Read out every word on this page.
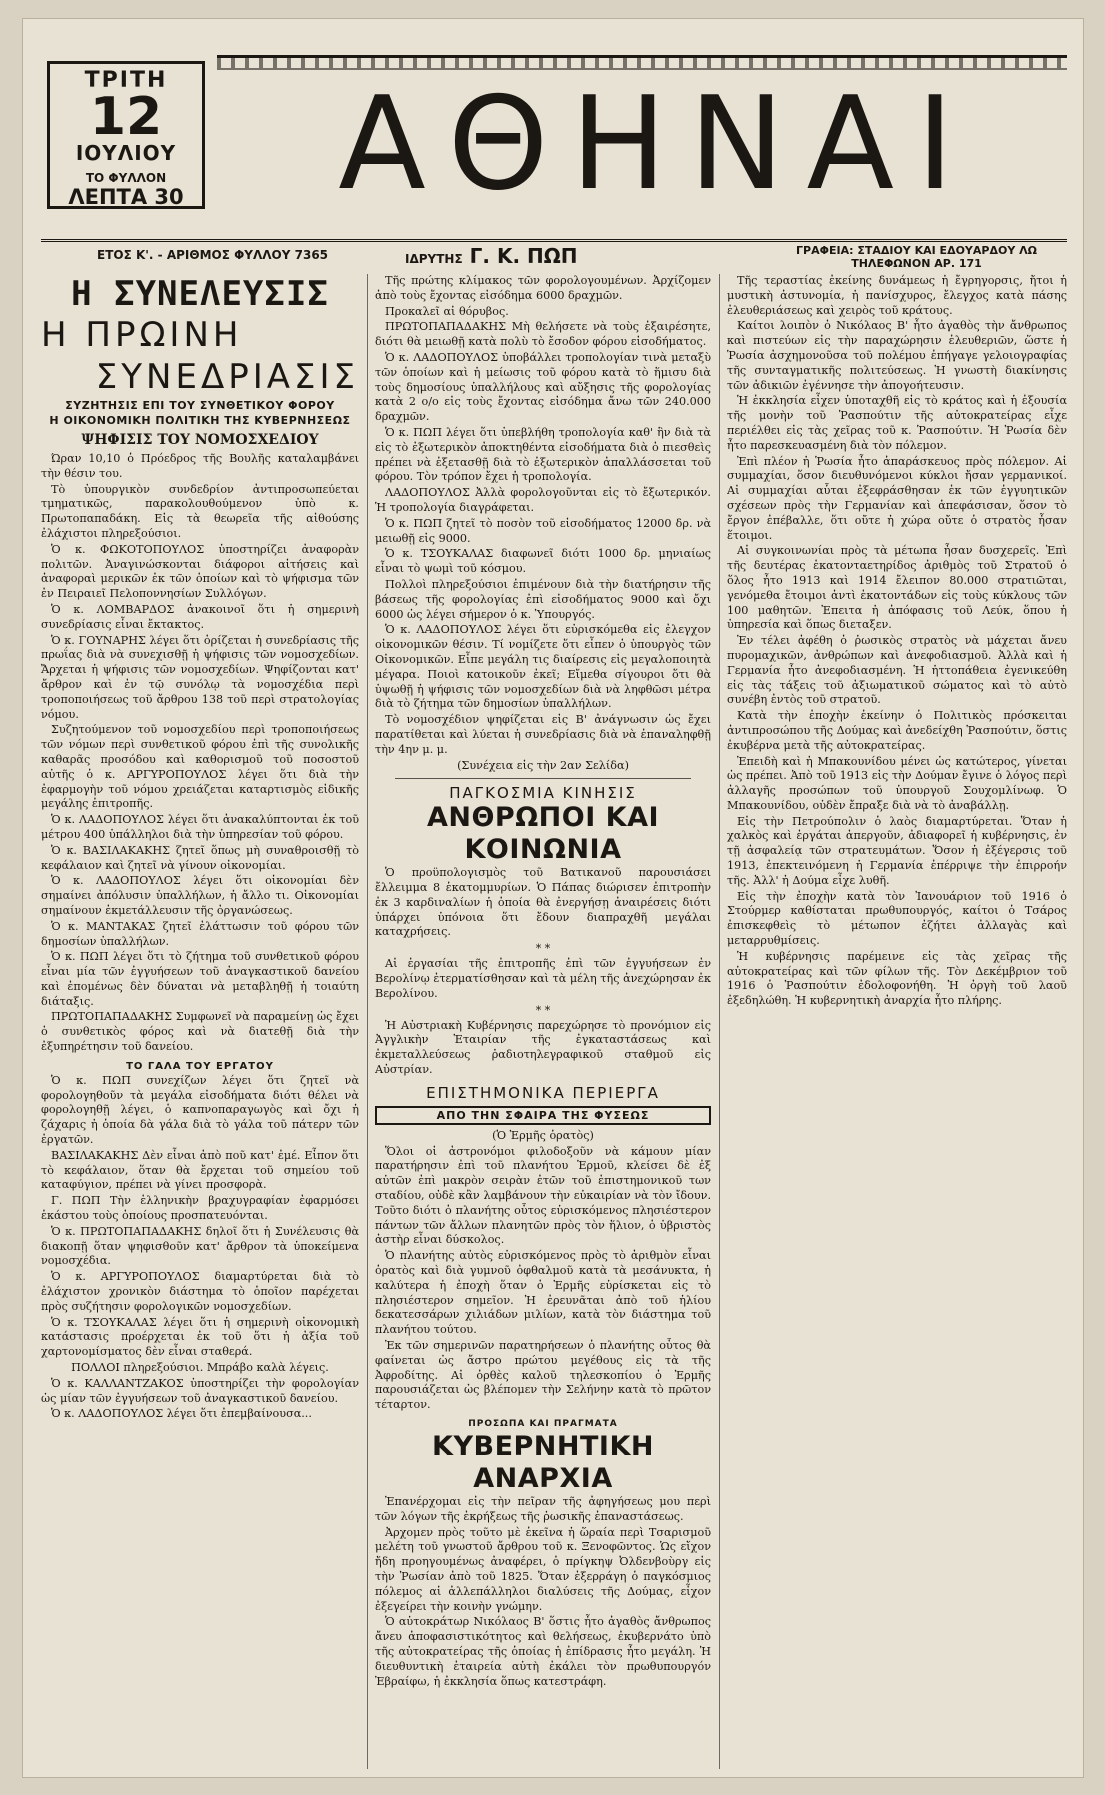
ΤΡΙΤΗ
12
ΙΟΥΛΙΟΥ
ΤΟ ΦΥΛΛΟΝ
ΛΕΠΤΑ 30	ΑΘΗΝΑΙ
ΕΤΟΣ Κ'. - ΑΡΙΘΜΟΣ ΦΥΛΛΟΥ 7365	ΙΔΡΥΤΗΣ Γ. Κ. ΠΩΠ	ΓΡΑΦΕΙΑ: ΣΤΑΔΙΟΥ ΚΑΙ ΕΔΟΥΑΡΔΟΥ ΛΩ
ΤΗΛΕΦΩΝΟΝ ΑΡ. 171
Η ΣΥΝΕΛΕΥΣΙΣ
Η ΠΡΩΙΝΗ
ΣΥΝΕΔΡΙΑΣΙΣ
ΣΥΖΗΤΗΣΙΣ ΕΠΙ ΤΟΥ ΣΥΝΘΕΤΙΚΟΥ ΦΟΡΟΥ
Η ΟΙΚΟΝΟΜΙΚΗ ΠΟΛΙΤΙΚΗ ΤΗΣ ΚΥΒΕΡΝΗΣΕΩΣ
ΨΗΦΙΣΙΣ ΤΟΥ ΝΟΜΟΣΧΕΔΙΟΥ

Ώραν 10,10 ὁ Πρόεδρος τῆς Βουλῆς καταλαμβάνει τὴν θέσιν του.

Τὸ ὑπουργικὸν συνδεδρίον ἀντιπροσωπεύεται τμηματικῶς, παρακολουθούμενον ὑπὸ κ. Πρωτοπαπαδάκη. Εἰς τὰ θεωρεῖα τῆς αἰθούσης ἐλάχιστοι πληρεξούσιοι.

Ὁ κ. ΦΩΚΟΤΟΠΟΥΛΟΣ ὑποστηρίζει ἀναφορὰν πολιτῶν. Ἀναγινώσκονται διάφοροι αἰτήσεις καὶ ἀναφοραὶ μερικῶν ἐκ τῶν ὁποίων καὶ τὸ ψήφισμα τῶν ἐν Πειραιεῖ Πελοποννησίων Συλλόγων.

Ὁ κ. ΛΟΜΒΑΡΔΟΣ ἀνακοινοῖ ὅτι ἡ σημερινὴ συνεδρίασις εἶναι ἔκτακτος.

Ὁ κ. ΓΟΥΝΑΡΗΣ λέγει ὅτι ὁρίζεται ἡ συνεδρίασις τῆς πρωΐας διὰ νὰ συνεχισθῇ ἡ ψήφισις τῶν νομοσχεδίων. Ἄρχεται ἡ ψήφισις τῶν νομοσχεδίων. Ψηφίζονται κατ' ἄρθρον καὶ ἐν τῷ συνόλῳ τὰ νομοσχέδια περὶ τροποποιήσεως τοῦ ἄρθρου 138 τοῦ περὶ στρατολογίας νόμου.

Συζητούμενον τοῦ νομοσχεδίου περὶ τροποποιήσεως τῶν νόμων περὶ συνθετικοῦ φόρου ἐπὶ τῆς συνολικῆς καθαρᾶς προσόδου καὶ καθορισμοῦ τοῦ ποσοστοῦ αὐτῆς ὁ κ. ΑΡΓΥΡΟΠΟΥΛΟΣ λέγει ὅτι διὰ τὴν ἐφαρμογὴν τοῦ νόμου χρειάζεται καταρτισμὸς εἰδικῆς μεγάλης ἐπιτροπῆς.

Ὁ κ. ΛΑΔΟΠΟΥΛΟΣ λέγει ὅτι ἀνακαλύπτονται ἐκ τοῦ μέτρου 400 ὑπάλληλοι διὰ τὴν ὑπηρεσίαν τοῦ φόρου.

Ὁ κ. ΒΑΣΙΛΑΚΑΚΗΣ ζητεῖ ὅπως μὴ συναθροισθῇ τὸ κεφάλαιον καὶ ζητεῖ νὰ γίνουν οἰκονομίαι.

Ὁ κ. ΛΑΔΟΠΟΥΛΟΣ λέγει ὅτι οἰκονομίαι δὲν σημαίνει ἀπόλυσιν ὑπαλλήλων, ἡ ἄλλο τι. Οἰκονομίαι σημαίνουν ἐκμετάλλευσιν τῆς ὀργανώσεως.

Ὁ κ. ΜΑΝΤΑΚΑΣ ζητεῖ ἐλάττωσιν τοῦ φόρου τῶν δημοσίων ὑπαλλήλων.

Ὁ κ. ΠΩΠ λέγει ὅτι τὸ ζήτημα τοῦ συνθετικοῦ φόρου εἶναι μία τῶν ἐγγυήσεων τοῦ ἀναγκαστικοῦ δανείου καὶ ἐπομένως δὲν δύναται νὰ μεταβληθῇ ἡ τοιαύτη διάταξις.

ΠΡΩΤΟΠΑΠΑΔΑΚΗΣ Συμφωνεῖ νὰ παραμείνῃ ὡς ἔχει ὁ συνθετικὸς φόρος καὶ νὰ διατεθῇ διὰ τὴν ἐξυπηρέτησιν τοῦ δανείου.

ΤΟ ΓΑΛΑ ΤΟΥ ΕΡΓΑΤΟΥ

Ὁ κ. ΠΩΠ συνεχίζων λέγει ὅτι ζητεῖ νὰ φορολογηθοῦν τὰ μεγάλα εἰσοδήματα διότι θέλει νὰ φορολογηθῇ λέγει, ὁ καπνοπαραγωγὸς καὶ ὄχι ἡ ζάχαρις ἡ ὁποία δὰ γάλα διὰ τὸ γάλα τοῦ πάτερν τῶν ἐργατῶν.

ΒΑΣΙΛΑΚΑΚΗΣ Δὲν εἶναι ἀπὸ ποῦ κατ' ἐμέ. Εἶπον ὅτι τὸ κεφάλαιον, ὅταν θὰ ἔρχεται τοῦ σημείου τοῦ καταφύγιον, πρέπει νὰ γίνει προσφορὰ.

Γ. ΠΩΠ Τὴν ἑλληνικὴν βραχυγραφίαν ἐφαρμόσει ἑκάστου τοὺς ὁποίους προσπατευόνται.

Ὁ κ. ΠΡΩΤΟΠΑΠΑΔΑΚΗΣ δηλοῖ ὅτι ἡ Συνέλευσις θὰ διακοπῇ ὅταν ψηφισθοῦν κατ' ἄρθρον τὰ ὑποκείμενα νομοσχέδια.

Ὁ κ. ΑΡΓΥΡΟΠΟΥΛΟΣ διαμαρτύρεται διὰ τὸ ἐλάχιστον χρονικὸν διάστημα τὸ ὁποῖον παρέχεται πρὸς συζήτησιν φορολογικῶν νομοσχεδίων.

Ὁ κ. ΤΣΟΥΚΑΛΑΣ λέγει ὅτι ἡ σημερινὴ οἰκονομικὴ κατάστασις προέρχεται ἐκ τοῦ ὅτι ἡ ἀξία τοῦ χαρτονομίσματος δὲν εἶναι σταθερά.

ΠΟΛΛΟΙ πληρεξούσιοι. Μπράβο καλὰ λέγεις.

Ὁ κ. ΚΑΛΛΑΝΤΖΑΚΟΣ ὑποστηρίζει τὴν φορολογίαν ὡς μίαν τῶν ἐγγυήσεων τοῦ ἀναγκαστικοῦ δανείου.

Ὁ κ. ΛΑΔΟΠΟΥΛΟΣ λέγει ὅτι ἐπεμβαίνουσα...

Τῆς πρώτης κλίμακος τῶν φορολογουμένων. Ἀρχίζομεν ἀπὸ τοὺς ἔχοντας εἰσόδημα 6000 δραχμῶν.

Προκαλεῖ αἱ θόρυβος.

ΠΡΩΤΟΠΑΠΑΔΑΚΗΣ Μὴ θελήσετε νὰ τοὺς ἐξαιρέσητε, διότι θὰ μειωθῇ κατὰ πολὺ τὸ ἔσοδον φόρου εἰσοδήματος.

Ὁ κ. ΛΑΔΟΠΟΥΛΟΣ ὑποβάλλει τροπολογίαν τινὰ μεταξὺ τῶν ὁποίων καὶ ἡ μείωσις τοῦ φόρου κατὰ τὸ ἥμισυ διὰ τοὺς δημοσίους ὑπαλλήλους καὶ αὔξησις τῆς φορολογίας κατὰ 2 ο/ο εἰς τοὺς ἔχοντας εἰσόδημα ἄνω τῶν 240.000 δραχμῶν.

Ὁ κ. ΠΩΠ λέγει ὅτι ὑπεβλήθη τροπολογία καθ' ἣν διὰ τὰ εἰς τὸ ἐξωτερικὸν ἀποκτηθέντα εἰσοδήματα διὰ ὁ πιεσθεὶς πρέπει νὰ ἐξετασθῇ διὰ τὸ ἐξωτερικὸν ἀπαλλάσσεται τοῦ φόρου. Τὸν τρόπον ἔχει ἡ τροπολογία.

ΛΑΔΟΠΟΥΛΟΣ Ἀλλὰ φορολογοῦνται εἰς τὸ ἔξωτερικόν. Ἡ τροπολογία διαγράφεται.

Ὁ κ. ΠΩΠ ζητεῖ τὸ ποσὸν τοῦ εἰσοδήματος 12000 δρ. νὰ μειωθῇ εἰς 9000.

Ὁ κ. ΤΣΟΥΚΑΛΑΣ διαφωνεῖ διότι 1000 δρ. μηνιαίως εἶναι τὸ ψωμὶ τοῦ κόσμου.

Πολλοὶ πληρεξούσιοι ἐπιμένουν διὰ τὴν διατήρησιν τῆς βάσεως τῆς φορολογίας ἐπὶ εἰσοδήματος 9000 καὶ ὄχι 6000 ὡς λέγει σήμερον ὁ κ. Ὑπουργός.

Ὁ κ. ΛΑΔΟΠΟΥΛΟΣ λέγει ὅτι εὑρισκόμεθα εἰς ἐλεγχον οἰκονομικῶν θέσιν. Τί νομίζετε ὅτι εἶπεν ὁ ὑπουργὸς τῶν Οἰκονομικῶν. Εἶπε μεγάλη τις διαίρεσις εἰς μεγαλοποιητὰ μέγαρα. Ποιοὶ κατοικοῦν ἐκεῖ; Εἴμεθα σίγουροι ὅτι θὰ ὑψωθῇ ἡ ψήφισις τῶν νομοσχεδίων διὰ νὰ ληφθῶσι μέτρα διὰ τὸ ζήτημα τῶν δημοσίων ὑπαλλήλων.

Τὸ νομοσχέδιον ψηφίζεται εἰς Β' ἀνάγνωσιν ὡς ἔχει παρατίθεται καὶ λύεται ἡ συνεδρίασις διὰ νὰ ἐπαναληφθῇ τὴν 4ην μ. μ.

(Συνέχεια εἰς τὴν 2αν Σελίδα)

ΠΑΓΚΟΣΜΙΑ ΚΙΝΗΣΙΣ
ΑΝΘΡΩΠΟΙ ΚΑΙ ΚΟΙΝΩΝΙΑ

Ὁ προϋπολογισμὸς τοῦ Βατικανοῦ παρουσιάσει ἔλλειμμα 8 ἑκατομμυρίων. Ὁ Πάπας διώρισεν ἐπιτροπὴν ἐκ 3 καρδιναλίων ἡ ὁποία θὰ ἐνεργήσῃ ἀναιρέσεις διότι ὑπάρχει ὑπόνοια ὅτι ἔδουν διαπραχθῆ μεγάλαι καταχρήσεις.

* *

Αἱ ἐργασίαι τῆς ἐπιτροπῆς ἐπὶ τῶν ἐγγυήσεων ἐν Βερολίνῳ ἐτερματίσθησαν καὶ τὰ μέλη τῆς ἀνεχώρησαν ἐκ Βερολίνου.

* *

Ἡ Αὐστριακὴ Κυβέρνησις παρεχώρησε τὸ προνόμιον εἰς Ἀγγλικὴν Ἑταιρίαν τῆς ἐγκαταστάσεως καὶ ἐκμεταλλεύσεως ῥαδιοτηλεγραφικοῦ σταθμοῦ εἰς Αὐστρίαν.

ΕΠΙΣΤΗΜΟΝΙΚΑ ΠΕΡΙΕΡΓΑ
ΑΠΟ ΤΗΝ ΣΦΑΙΡΑ ΤΗΣ ΦΥΣΕΩΣ

(Ὁ Ἑρμῆς ὁρατὸς)

Ὅλοι οἱ ἀστρονόμοι φιλοδοξοῦν νὰ κάμουν μίαν παρατήρησιν ἐπὶ τοῦ πλανήτου Ἑρμοῦ, κλείσει δὲ ἐξ αὐτῶν ἐπὶ μακρὸν σειρὰν ἐτῶν τοῦ ἐπιστημονικοῦ των σταδίου, οὐδὲ κἂν λαμβάνουν τὴν εὐκαιρίαν νὰ τὸν ἴδουν. Τοῦτο διότι ὁ πλανήτης οὗτος εὑρισκόμενος πλησιέστερον πάντων τῶν ἄλλων πλανητῶν πρὸς τὸν ἥλιον, ὁ ὑβριστὸς ἀστὴρ εἶναι δύσκολος.

Ὁ πλανήτης αὐτὸς εὑρισκόμενος πρὸς τὸ ἀριθμὸν εἶναι ὁρατὸς καὶ διὰ γυμνοῦ ὀφθαλμοῦ κατὰ τὰ μεσάνυκτα, ἡ καλύτερα ἡ ἐποχὴ ὅταν ὁ Ἑρμῆς εὑρίσκεται εἰς τὸ πλησιέστερον σημεῖον. Ἡ ἐρευνᾶται ἀπὸ τοῦ ἡλίου δεκατεσσάρων χιλιάδων μιλίων, κατὰ τὸν διάστημα τοῦ πλανήτου τούτου.

Ἐκ τῶν σημερινῶν παρατηρήσεων ὁ πλανήτης οὗτος θὰ φαίνεται ὡς ἄστρο πρώτου μεγέθους εἰς τὰ τῆς Ἀφροδίτης. Αἱ ὀρθὲς καλοῦ τηλεσκοπίου ὁ Ἑρμῆς παρουσιάζεται ὡς βλέπομεν τὴν Σελήνην κατὰ τὸ πρῶτον τέταρτον.

ΠΡΟΣΩΠΑ ΚΑΙ ΠΡΑΓΜΑΤΑ
ΚΥΒΕΡΝΗΤΙΚΗ ΑΝΑΡΧΙΑ

Ἐπανέρχομαι εἰς τὴν πεῖραν τῆς ἀφηγήσεως μου περὶ τῶν λόγων τῆς ἐκρήξεως τῆς ῥωσικῆς ἐπαναστάσεως.

Ἀρχομεν πρὸς τοῦτο μὲ ἐκεῖνα ἡ ὥραία περὶ Τσαρισμοῦ μελέτη τοῦ γνωστοῦ ἄρθρου τοῦ κ. Ξενοφῶντος. Ὡς εἴχον ἤδη προηγουμένως ἀναφέρει, ὁ πρίγκηψ Ὀλδενβοὺργ εἰς τὴν Ῥωσίαν ἀπὸ τοῦ 1825. Ὅταν ἐξερράγη ὁ παγκόσμιος πόλεμος αἱ ἀλλεπάλληλοι διαλύσεις τῆς Δούμας, εἶχον ἐξεγείρει τὴν κοινὴν γνώμην.

Ὁ αὐτοκράτωρ Νικόλαος Β' ὅστις ἦτο ἀγαθὸς ἄνθρωπος ἄνευ ἀποφασιστικότητος καὶ θελήσεως, ἐκυβερνάτο ὑπὸ τῆς αὐτοκρατείρας τῆς ὁποίας ἡ ἐπίδρασις ἦτο μεγάλη. Ἡ διευθυντικὴ ἑταιρεία αὐτὴ ἐκάλει τὸν πρωθυπουργόν Ἐβραίφω, ἡ ἐκκλησία ὅπως κατεστράφη.

Τῆς τεραστίας ἐκείνης δυνάμεως ἡ ἔγρηγορσις, ἤτοι ἡ μυστικὴ ἀστυνομία, ἡ πανίσχυρος, ἔλεγχος κατὰ πάσης ἐλευθεριάσεως καὶ χειρὸς τοῦ κράτους.

Καίτοι λοιπὸν ὁ Νικόλαος Β' ἦτο ἀγαθὸς τὴν ἄνθρωπος καὶ πιστεύων εἰς τὴν παραχώρησιν ἐλευθεριῶν, ὥστε ἡ Ῥωσία ἀσχημονοῦσα τοῦ πολέμου ἐπήγαγε γελοιογραφίας τῆς συνταγματικῆς πολιτεύσεως. Ἡ γνωστὴ διακίνησις τῶν ἀδικιῶν ἐγέννησε τὴν ἀπογοήτευσιν.

Ἡ ἐκκλησία εἶχεν ὑποταχθῆ εἰς τὸ κράτος καὶ ἡ ἐξουσία τῆς μονὴν τοῦ Ῥασπούτιν τῆς αὐτοκρατείρας εἶχε περιέλθει εἰς τὰς χεῖρας τοῦ κ. Ῥασπούτιν. Ἡ Ῥωσία δὲν ἦτο παρεσκευασμένη διὰ τὸν πόλεμον.

Ἐπὶ πλέον ἡ Ῥωσία ἦτο ἀπαράσκευος πρὸς πόλεμον. Αἱ συμμαχίαι, ὅσον διευθυνόμενοι κύκλοι ἤσαν γερμανικοί. Αἱ συμμαχίαι αὗται ἐξεφράσθησαν ἐκ τῶν ἐγγυητικῶν σχέσεων πρὸς τὴν Γερμανίαν καὶ ἀπεφάσισαν, ὅσον τὸ ἔργον ἐπέβαλλε, ὅτι οὔτε ἡ χώρα οὔτε ὁ στρατὸς ἦσαν ἕτοιμοι.

Αἱ συγκοινωνίαι πρὸς τὰ μέτωπα ἦσαν δυσχερεῖς. Ἐπὶ τῆς δευτέρας ἑκατονταετηρίδος ἀριθμὸς τοῦ Στρατοῦ ὁ ὅλος ἦτο 1913 καὶ 1914 ἔλειπον 80.000 στρατιῶται, γενόμεθα ἔτοιμοι ἀντὶ ἑκατοντάδων εἰς τοὺς κύκλους τῶν 100 μαθητῶν. Ἐπειτα ἡ ἀπόφασις τοῦ Λεύκ, ὅπου ἡ ὑπηρεσία καὶ ὅπως διεταξεν.

Ἐν τέλει ἀφέθη ὁ ῥωσικὸς στρατὸς νὰ μάχεται ἄνευ πυρομαχικῶν, ἀνθρώπων καὶ ἀνεφοδιασμοῦ. Ἀλλὰ καὶ ἡ Γερμανία ἦτο ἀνεφοδιασμένη. Ἡ ἡττοπάθεια ἐγενικεύθη εἰς τὰς τάξεις τοῦ ἀξιωματικοῦ σώματος καὶ τὸ αὐτὸ συνέβη ἐντὸς τοῦ στρατοῦ.

Κατὰ τὴν ἐποχὴν ἐκείνην ὁ Πολιτικὸς πρόσκειται ἀντιπροσώπου τῆς Δούμας καὶ ἀνεδείχθη Ῥασπούτιν, ὅστις ἐκυβέρνα μετὰ τῆς αὐτοκρατείρας.

Ἐπειδὴ καὶ ἡ Μπακουνίδου μένει ὡς κατώτερος, γίνεται ὡς πρέπει. Ἀπὸ τοῦ 1913 εἰς τὴν Δούμαν ἔγινε ὁ λόγος περὶ ἀλλαγῆς προσώπων τοῦ ὑπουργοῦ Σουχομλίνωφ. Ὁ Μπακουνίδου, οὐδὲν ἔπραξε διὰ νὰ τὸ ἀναβάλλῃ.

Εἰς τὴν Πετρούπολιν ὁ λαὸς διαμαρτύρεται. Ὅταν ἡ χαλκὸς καὶ ἐργάται ἀπεργοῦν, ἀδιαφορεῖ ἡ κυβέρνησις, ἐν τῇ ἀσφαλείᾳ τῶν στρατευμάτων. Ὅσον ἡ ἐξέγερσις τοῦ 1913, ἐπεκτεινόμενη ἡ Γερμανία ἐπέρριψε τὴν ἐπιρροήν τῆς. Ἀλλ' ἡ Δούμα εἶχε λυθῆ.

Εἰς τὴν ἐποχὴν κατὰ τὸν Ἰανουάριον τοῦ 1916 ὁ Στούρμερ καθίσταται πρωθυπουργός, καίτοι ὁ Τσάρος ἐπισκεφθεὶς τὸ μέτωπον ἐζήτει ἀλλαγὰς καὶ μεταρρυθμίσεις.

Ἡ κυβέρνησις παρέμεινε εἰς τὰς χεῖρας τῆς αὐτοκρατείρας καὶ τῶν φίλων τῆς. Τὸν Δεκέμβριον τοῦ 1916 ὁ Ῥασπούτιν ἐδολοφονήθη. Ἡ ὀργὴ τοῦ λαοῦ ἐξεδηλώθη. Ἡ κυβερνητικὴ ἀναρχία ἦτο πλήρης.
